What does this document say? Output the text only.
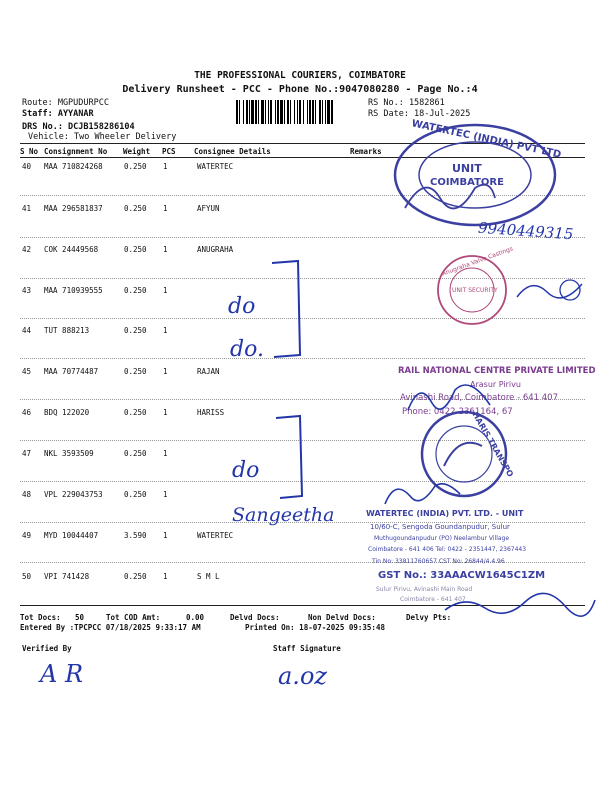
THE PROFESSIONAL COURIERS, COIMBATORE
Delivery Runsheet - PCC - Phone No.:9047080280 - Page No.:4
Route: MGPUDURPCC
Staff: AYYANAR
DRS No.: DCJB158286104
Vehicle: Two Wheeler Delivery
RS No.: 1582861
RS Date: 18-Jul-2025
S No Consignment No Weight PCS Consignee Details	Remarks
40 MAA 710824268	0.250 1	WATERTEC
41 MAA 296581837	0.250 1	AFYUN
42 COK 24449568	0.250 1	ANUGRAHA
43 MAA 710939555	0.250 1
44 TUT 888213	0.250 1
45 MAA 70774487	0.250 1	RAJAN
46 BDQ 122020	0.250 1	HARISS
47 NKL 3593509	0.250 1
48 VPL 229043753	0.250 1
49 MYD 10044407	3.590 1	WATERTEC
50 VPI 741428	0.250 1	S M L
Tot Docs: 50	Tot COD Amt:	0.00	Delvd Docs:	Non Delvd Docs:	Delvy Pts:
Entered By :TPCPCC 07/18/2025 9:33:17 AM	Printed On: 18-07-2025 09:35:48
Verified By	Staff Signature
9940449315
do
do.
do
Sangeetha
A R	a.oz
WATERTEC (INDIA) PVT LTD
UNIT
COIMBATORE
Anugraha Valve Castings
UNIT SECURITY
RAIL NATIONAL CENTRE PRIVATE LIMITED
Arasur Pirivu
Avinashi Road, Coimbatore - 641 407
Phone: 0422-2361164, 67
HARIS TRANSPO
WATERTEC (INDIA) PVT. LTD. - UNIT
10/60-C, Sengoda Goundanpudur, Sulur
Muthugoundanpudur (PO) Neelambur Village
Coimbatore - 641 406 Tel: 0422 - 2351447, 2367443
Tin No: 33811760657 CST No: 26844/4.4.96
GST No.: 33AAACW1645C1ZM
Sulur Pirivu, Avinashi Main Road
Coimbatore - 641 407
